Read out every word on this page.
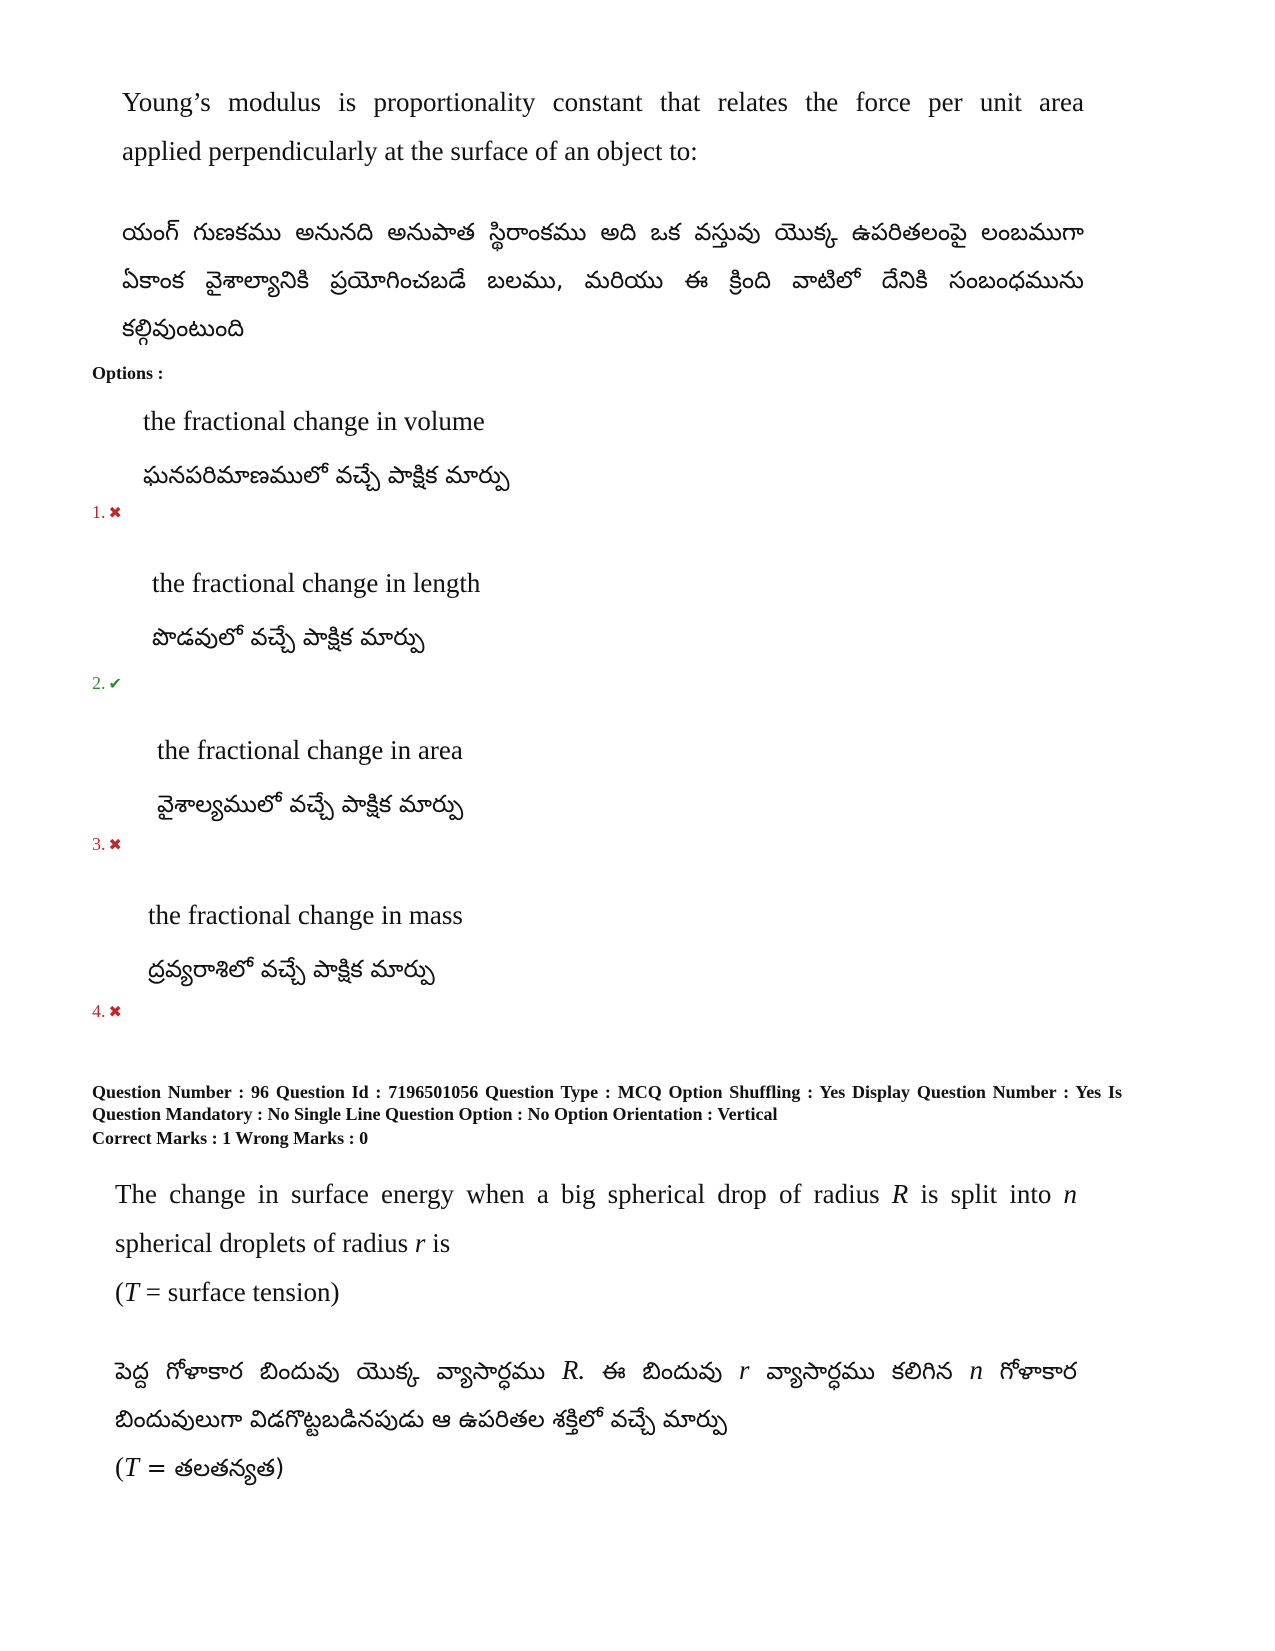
Young’s modulus is proportionality constant that relates the force per unit area
applied perpendicularly at the surface of an object to:
యంగ్ గుణకము అనునది అనుపాత స్థిరాంకము అది ఒక వస్తువు యొక్క ఉపరితలంపై లంబముగా ఏకాంక వైశాల్యానికి ప్రయోగించబడే బలము, మరియు ఈ క్రింది వాటిలో దేనికి సంబంధమును కల్గివుంటుంది
Options :
the fractional change in volume
ఘనపరిమాణములో వచ్చే పాక్షిక మార్పు
1. ✖
the fractional change in length
పొడవులో వచ్చే పాక్షిక మార్పు
2. ✔
the fractional change in area
వైశాల్యములో వచ్చే పాక్షిక మార్పు
3. ✖
the fractional change in mass
ద్రవ్యరాశిలో వచ్చే పాక్షిక మార్పు
4. ✖
Question Number : 96 Question Id : 7196501056 Question Type : MCQ Option Shuffling : Yes Display Question Number : Yes Is
Question Mandatory : No Single Line Question Option : No Option Orientation : Vertical
Correct Marks : 1 Wrong Marks : 0
The change in surface energy when a big spherical drop of radius R is split into n
spherical droplets of radius r is
(T = surface tension)
పెద్ద గోళాకార బిందువు యొక్క వ్యాసార్ధము R. ఈ బిందువు r వ్యాసార్ధము కలిగిన n గోళాకార
బిందువులుగా విడగొట్టబడినపుడు ఆ ఉపరితల శక్తిలో వచ్చే మార్పు
(T = తలతన్యత)
